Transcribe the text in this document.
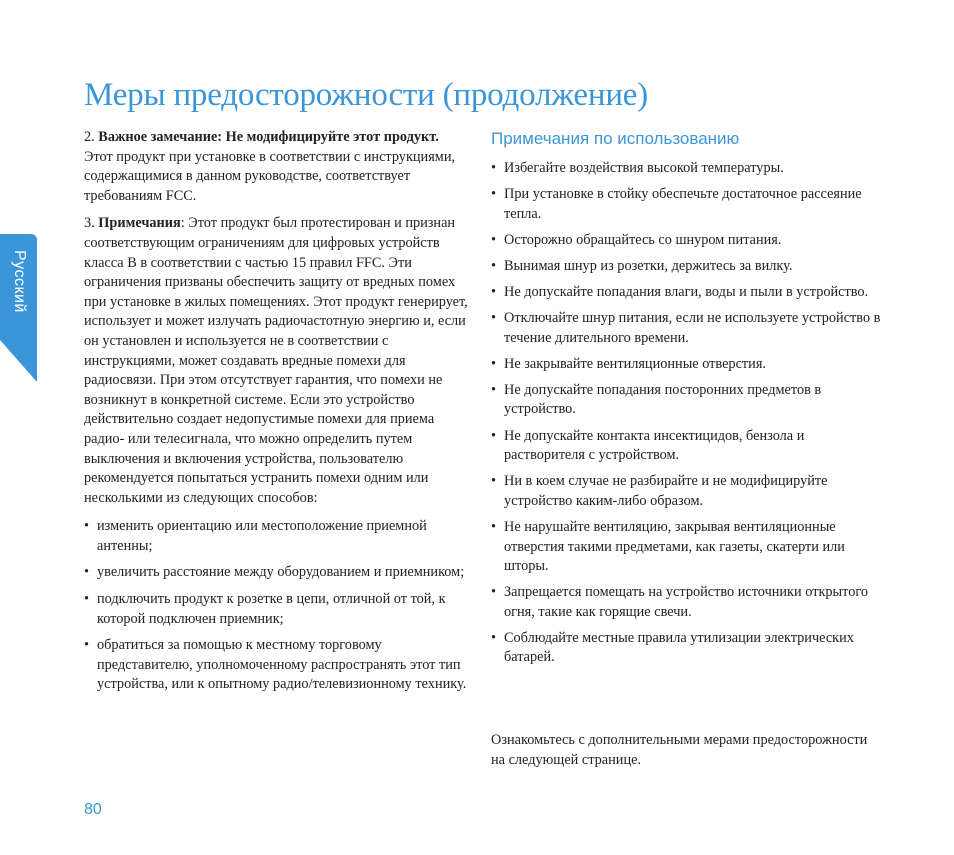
Меры предосторожности (продолжение)
Русский

2. Важное замечание: Не модифицируйте этот продукт. Этот продукт при установке в соответствии с инструкциями, содержащимися в данном руководстве, соответствует требованиям FCC.

3. Примечания: Этот продукт был протестирован и признан соответствующим ограничениям для цифровых устройств класса B в соответствии с частью 15 правил FFC. Эти ограничения призваны обеспечить защиту от вредных помех при установке в жилых помещениях. Этот продукт генерирует, использует и может излучать радиочастотную энергию и, если он установлен и используется не в соответствии с инструкциями, может создавать вредные помехи для радиосвязи. При этом отсутствует гарантия, что помехи не возникнут в конкретной системе. Если это устройство действительно создает недопустимые помехи для приема радио- или телесигнала, что можно определить путем выключения и включения устройства, пользователю рекомендуется попытаться устранить помехи одним или несколькими из следующих способов:

• изменить ориентацию или местоположение приемной антенны;
• увеличить расстояние между оборудованием и приемником;
• подключить продукт к розетке в цепи, отличной от той, к которой подключен приемник;
• обратиться за помощью к местному торговому представителю, уполномоченному распространять этот тип устройства, или к опытному радио/телевизионному технику.
Примечания по использованию
• Избегайте воздействия высокой температуры.
• При установке в стойку обеспечьте достаточное рассеяние тепла.
• Осторожно обращайтесь со шнуром питания.
• Вынимая шнур из розетки, держитесь за вилку.
• Не допускайте попадания влаги, воды и пыли в устройство.
• Отключайте шнур питания, если не используете устройство в течение длительного времени.
• Не закрывайте вентиляционные отверстия.
• Не допускайте попадания посторонних предметов в устройство.
• Не допускайте контакта инсектицидов, бензола и растворителя с устройством.
• Ни в коем случае не разбирайте и не модифицируйте устройство каким-либо образом.
• Не нарушайте вентиляцию, закрывая вентиляционные отверстия такими предметами, как газеты, скатерти или шторы.
• Запрещается помещать на устройство источники открытого огня, такие как горящие свечи.
• Соблюдайте местные правила утилизации электрических батарей.
Ознакомьтесь с дополнительными мерами предосторожности на следующей странице.
80
